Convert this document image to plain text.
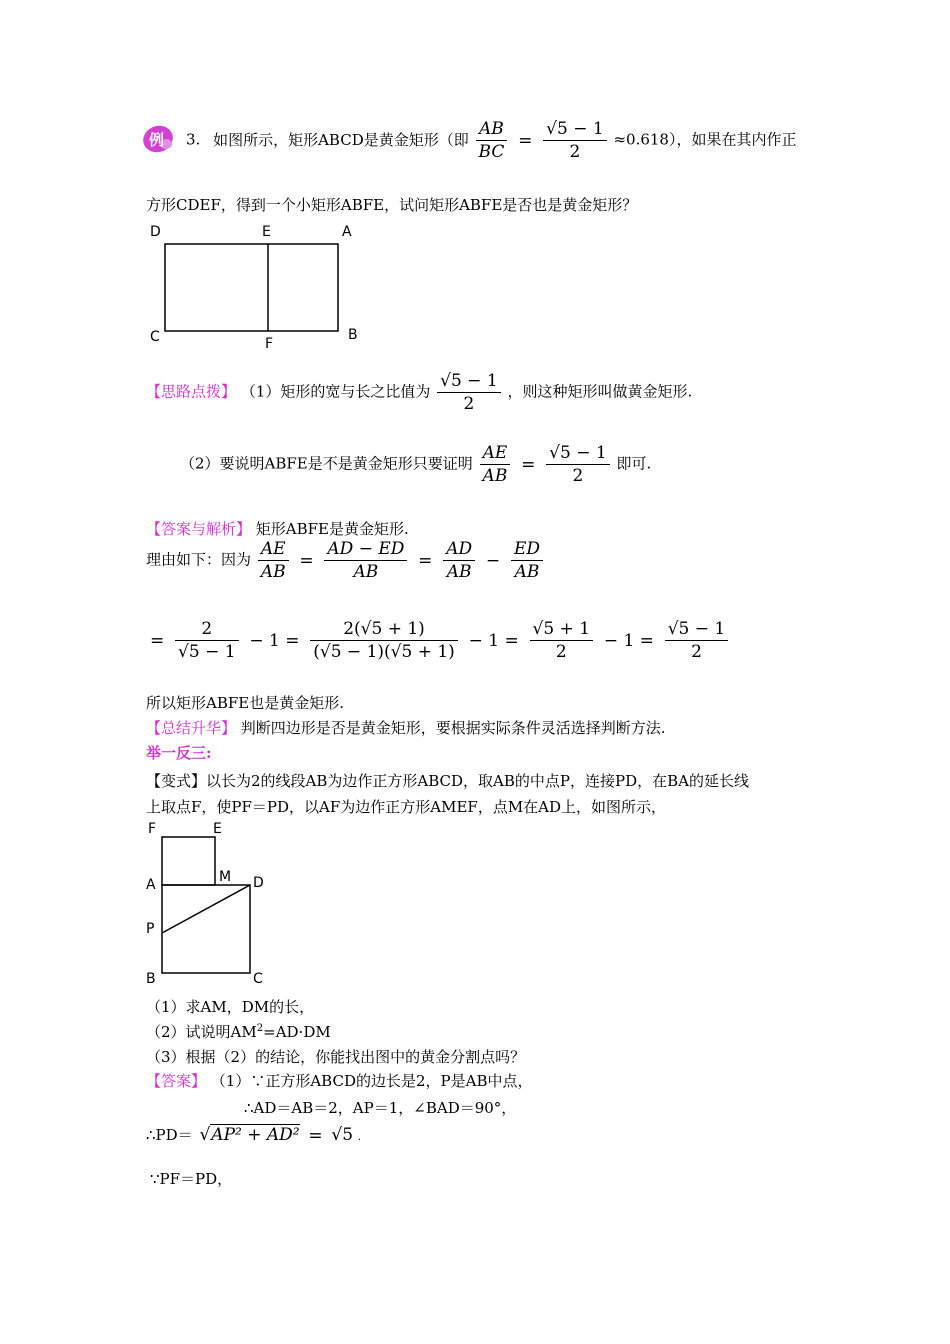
例 3. 如图所示，矩形ABCD是黄金矩形（即 $\frac{AB}{BC} = \frac{√5 - 1}{2} \approx 0.618$），如果在其内作正
方形CDEF，得到一个小矩形ABFE，试问矩形ABFE是否也是黄金矩形？
D	E	A
C	F
B
【思路点拨】 （1）矩形的宽与长之比值为 $\frac{√5 - 1}{2}$ ，则这种矩形叫做黄金矩形.
（2）要说明ABFE是不是黄金矩形只要证明 $\frac{AE}{AB} = \frac{√5 - 1}{2}$ 即可.
【答案与解析】 矩形ABFE是黄金矩形.
理由如下：因为 $\frac{AE}{AB} = \frac{AD - ED}{AB} = \frac{AD}{AB} - \frac{ED}{AB}$
= $\frac{2}{√5 - 1} - 1 = \frac{2(√5 + 1)}{(√5 - 1)(√5 + 1)} - 1 = \frac{√5 + 1}{2} - 1 = \frac{√5 - 1}{2}$
所以矩形ABFE也是黄金矩形.
【总结升华】 判断四边形是否是黄金矩形，要根据实际条件灵活选择判断方法.
举一反三:
【变式】以长为2的线段AB为边作正方形ABCD，取AB的中点P，连接PD，在BA的延长线
上取点F，使PF＝PD，以AF为边作正方形AMEF，点M在AD上，如图所示，
F	E
A	M D
P
B	C
（1）求AM，DM的长，
（2）试说明$AM^2=AD\cdot DM$
（3）根据（2）的结论，你能找出图中的黄金分割点吗？
【答案】 （1）∵正方形ABCD的边长是2，P是AB中点，
∴AD＝AB＝2，AP＝1，∠BAD＝90°，
∴PD＝ √AP² + AD² = √5 .
∵PF＝PD，
